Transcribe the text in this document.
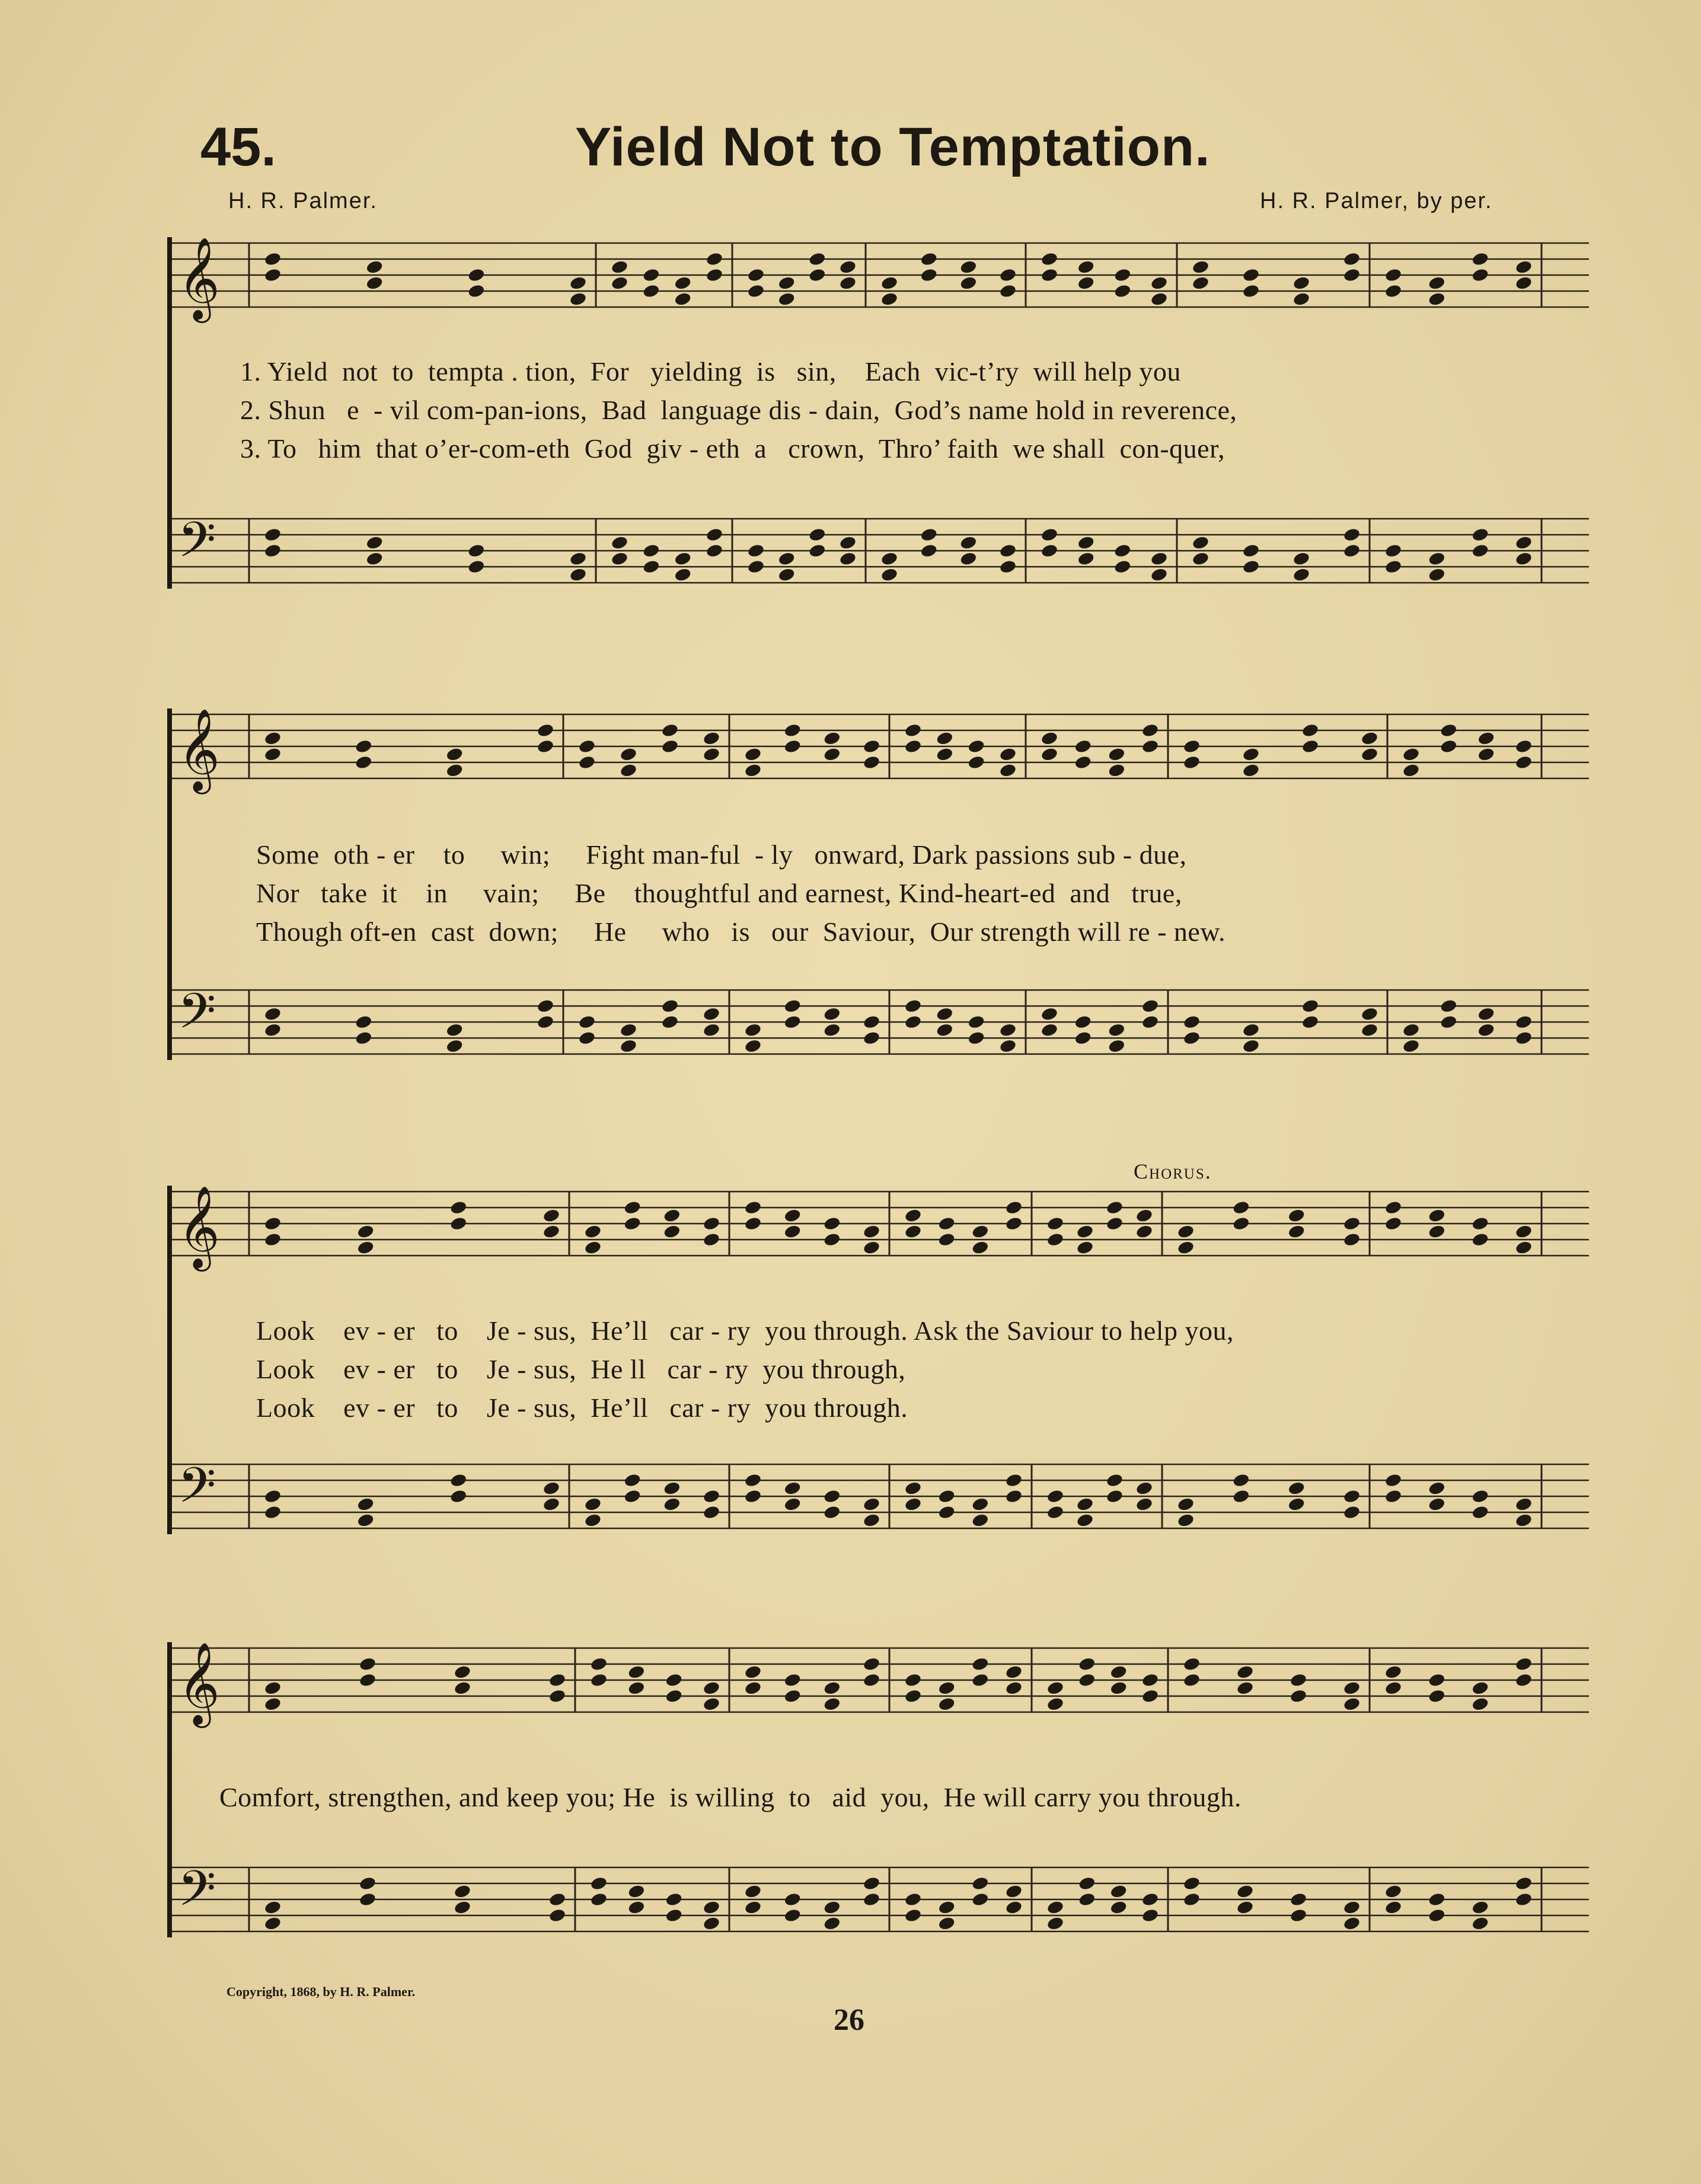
45.	Yield Not to Temptation.
H. R. Palmer.	H. R. Palmer, by per.
𝄞
𝄢
1. Yield  not  to  tempta . tion,  For   yielding  is   sin,    Each  vic-t’ry  will help you
2. Shun   e  - vil com-pan-ions,  Bad  language dis - dain,  God’s name hold in reverence,
3. To   him  that o’er-com-eth  God  giv - eth  a   crown,  Thro’ faith  we shall  con-quer,
𝄞
𝄢
Some  oth - er    to     win;     Fight man-ful  - ly   onward, Dark passions sub - due,
Nor   take  it    in     vain;     Be    thoughtful and earnest, Kind-heart-ed  and   true,
Though oft-en  cast  down;     He     who   is   our  Saviour,  Our strength will re - new.
Chorus.
𝄞
𝄢
Look    ev - er   to    Je - sus,  He’ll   car - ry  you through. Ask the Saviour to help you,
Look    ev - er   to    Je - sus,  He ll   car - ry  you through,
Look    ev - er   to    Je - sus,  He’ll   car - ry  you through.
𝄞
𝄢
Comfort, strengthen, and keep you; He  is willing  to   aid  you,  He will carry you through.
Copyright, 1868, by H. R. Palmer.
26
